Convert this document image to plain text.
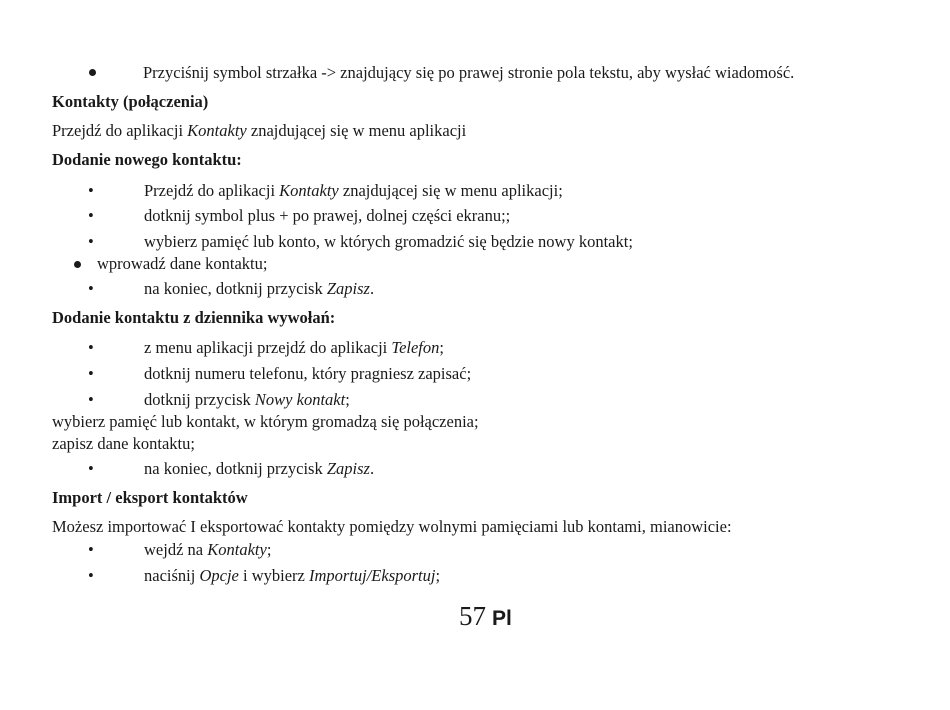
Przyciśnij symbol strzałka -> znajdujący się po prawej stronie pola tekstu, aby wysłać wiadomość.
Kontakty (połączenia)
Przejdź do aplikacji Kontakty znajdującej się w menu aplikacji
Dodanie nowego kontaktu:
•	Przejdź do aplikacji Kontakty znajdującej się w menu aplikacji;
•	dotknij symbol plus + po prawej, dolnej części ekranu;;
•	wybierz pamięć lub konto, w których gromadzić się będzie nowy kontakt;
wprowadź dane kontaktu;
•	na koniec, dotknij przycisk Zapisz.
Dodanie kontaktu z dziennika wywołań:
•	z menu aplikacji przejdź do aplikacji Telefon;
•	dotknij numeru telefonu, który pragniesz zapisać;
•	dotknij przycisk Nowy kontakt;
wybierz pamięć lub kontakt, w którym gromadzą się połączenia;
zapisz dane kontaktu;
•	na koniec, dotknij przycisk Zapisz.
Import / eksport kontaktów
Możesz importować I eksportować kontakty pomiędzy wolnymi pamięciami lub kontami, mianowicie:
•	wejdź na Kontakty;
•	naciśnij Opcje i wybierz Importuj/Eksportuj;
57 Pl
